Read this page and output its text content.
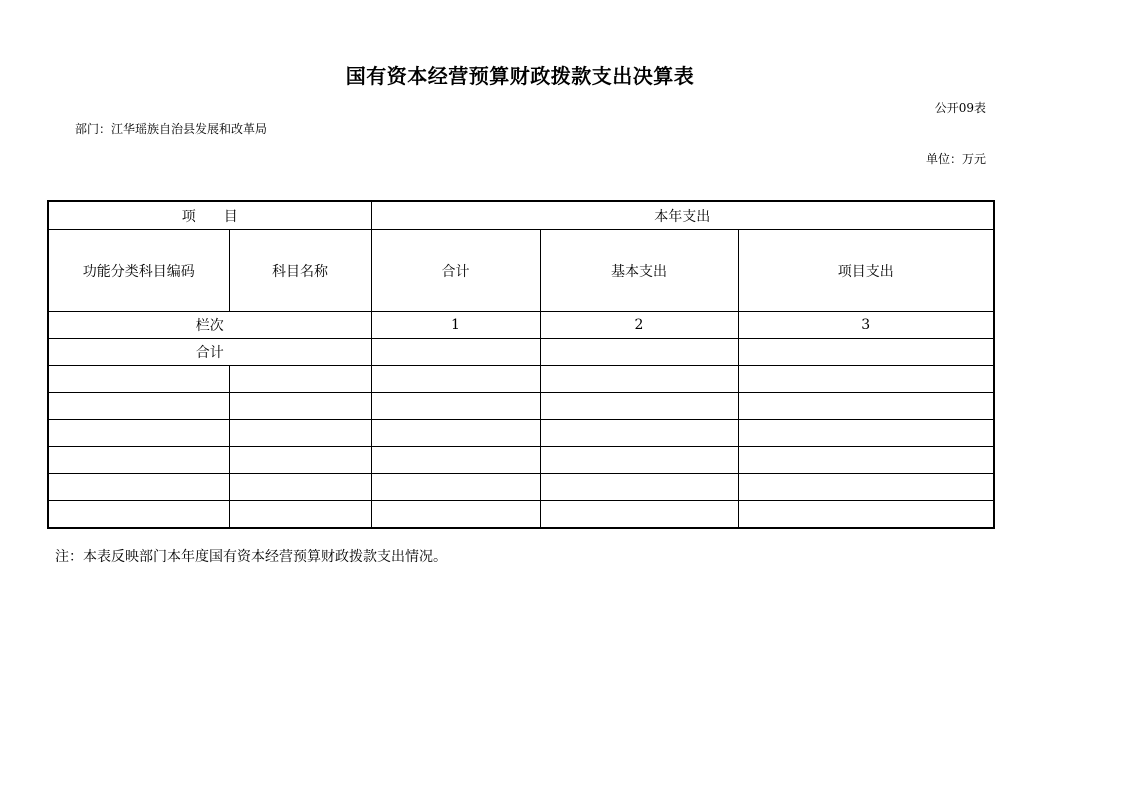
国有资本经营预算财政拨款支出决算表
公开09表
部门：江华瑶族自治县发展和改革局
单位：万元
项　　目		本年支出		
功能分类科目编码	科目名称	合计	基本支出	项目支出
栏次		1	2	3
合计				

注：本表反映部门本年度国有资本经营预算财政拨款支出情况。
